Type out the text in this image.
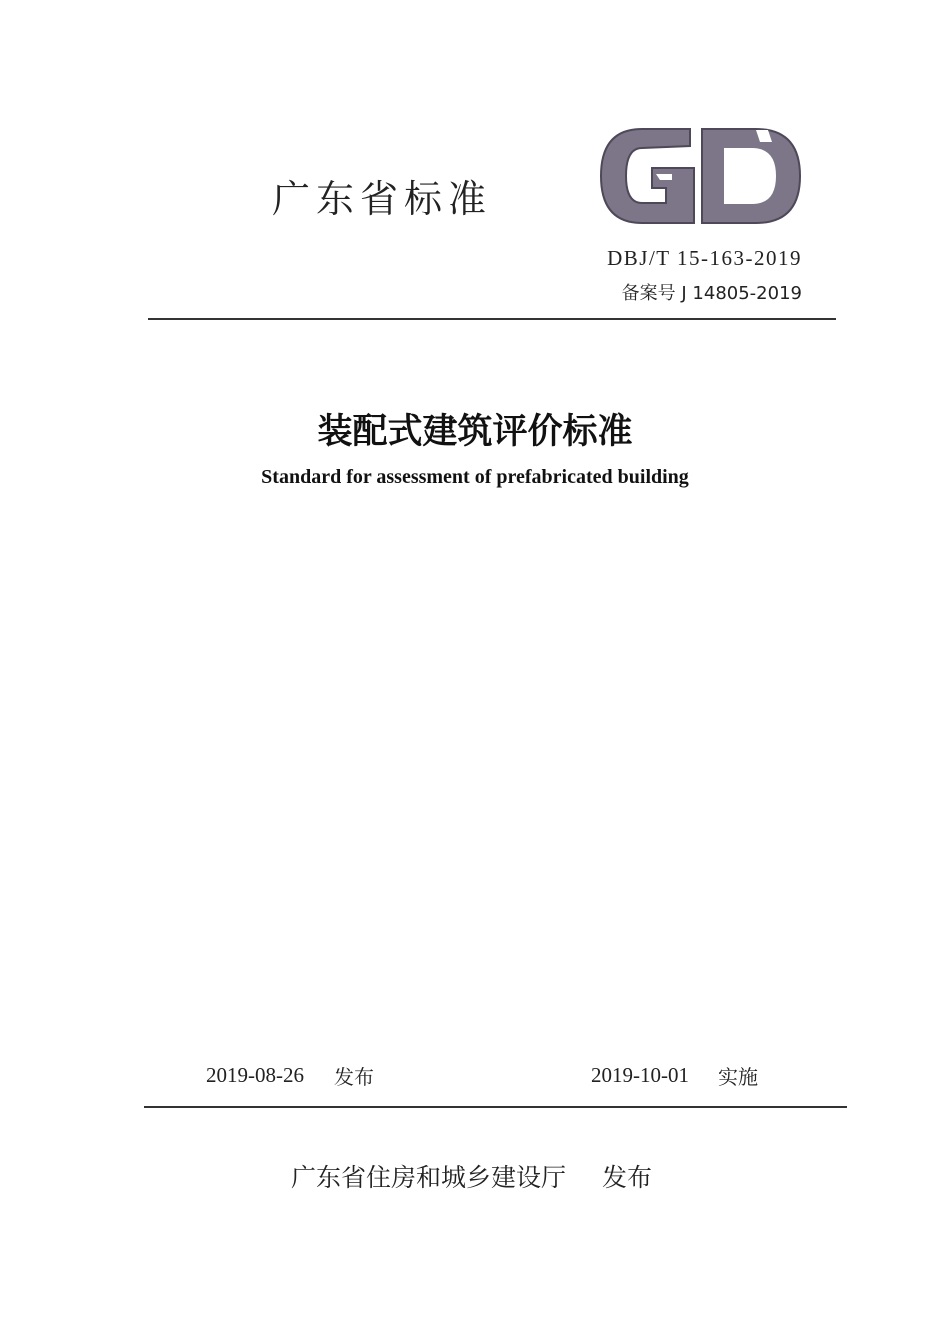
广东省标准
DBJ/T 15-163-2019
备案号 J 14805-2019
装配式建筑评价标准
Standard for assessment of prefabricated building
2019-08-26 发布	2019-10-01 实施
广东省住房和城乡建设厅 发布
